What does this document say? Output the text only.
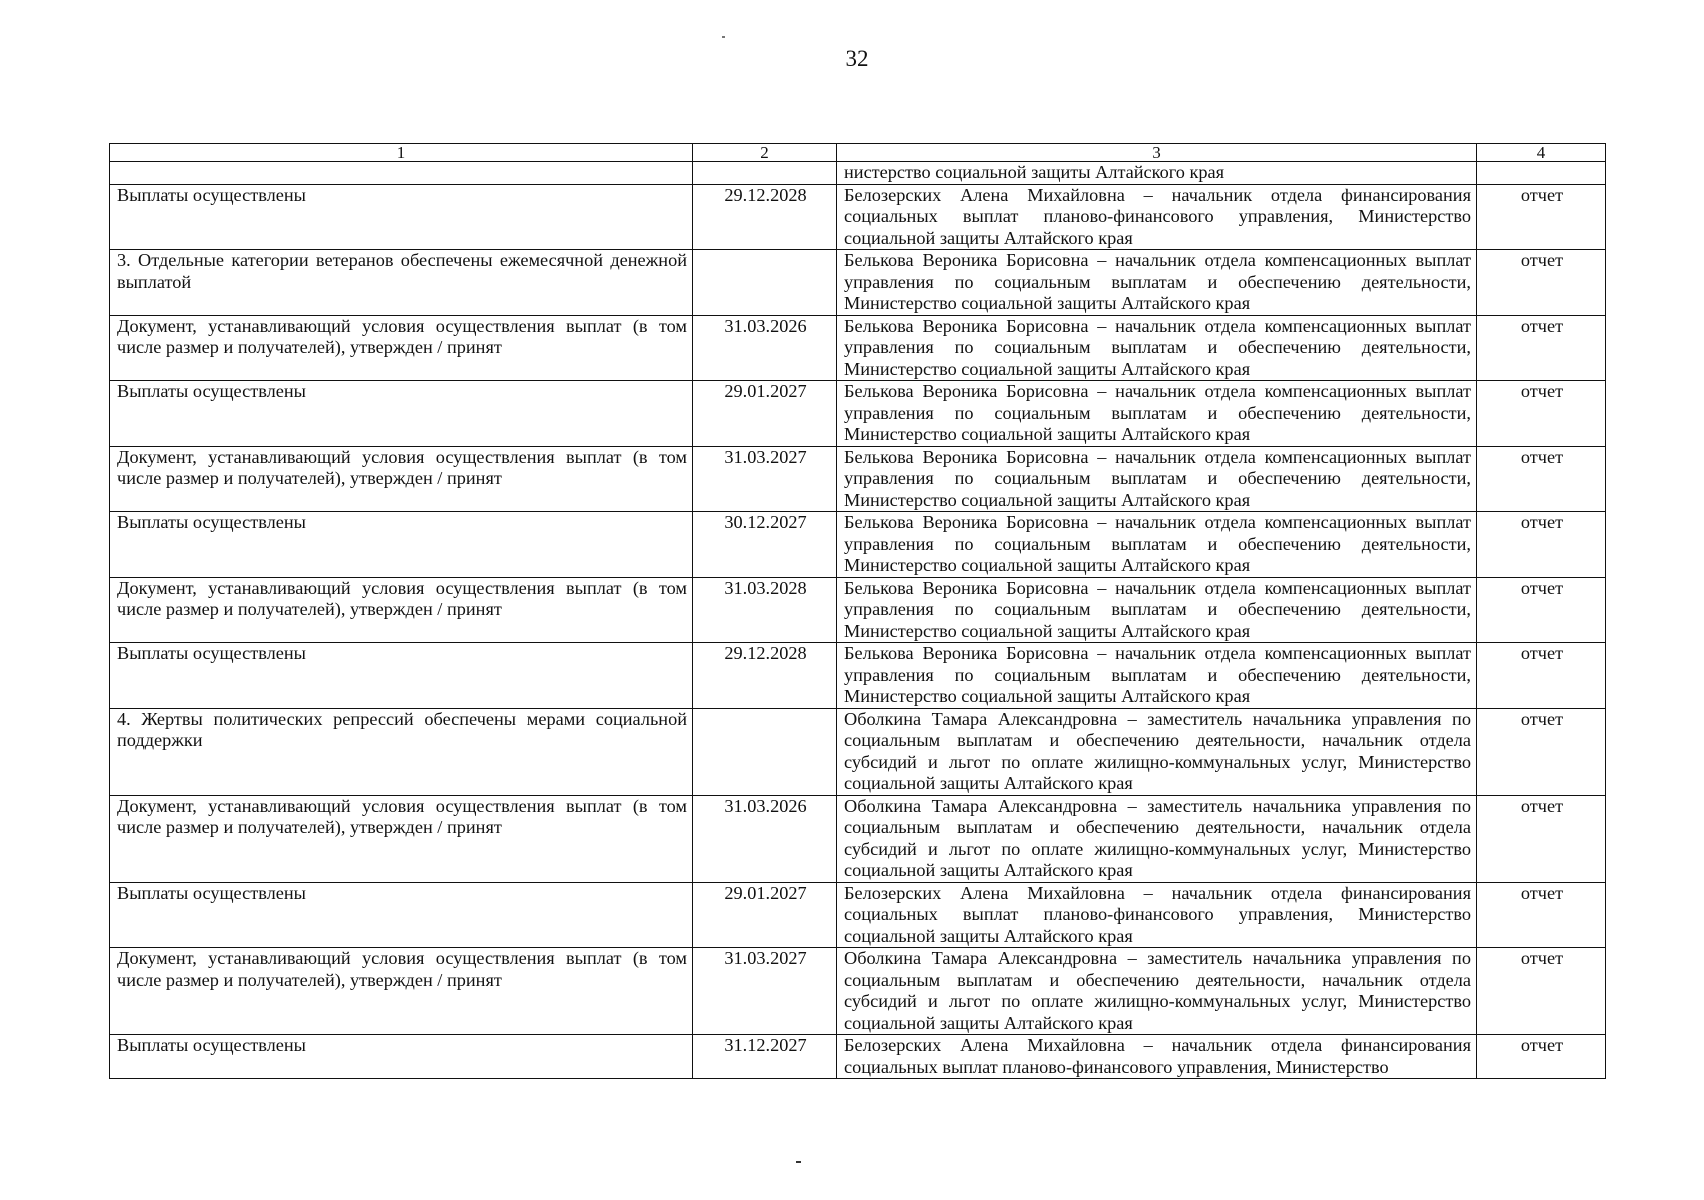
32
1	2	3	4
		нистерство социальной защиты Алтайского края	
Выплаты осуществлены	29.12.2028	Белозерских Алена Михайловна – начальник отдела финансирования социальных выплат планово-финансового управления, Министерство социальной защиты Алтайского края	отчет
3. Отдельные категории ветеранов обеспечены ежемесячной денежной выплатой		Белькова Вероника Борисовна – начальник отдела компенсационных выплат управления по социальным выплатам и обеспечению деятельности, Министерство социальной защиты Алтайского края	отчет
Документ, устанавливающий условия осуществления выплат (в том числе размер и получателей), утвержден / принят	31.03.2026	Белькова Вероника Борисовна – начальник отдела компенсационных выплат управления по социальным выплатам и обеспечению деятельности, Министерство социальной защиты Алтайского края	отчет
Выплаты осуществлены	29.01.2027	Белькова Вероника Борисовна – начальник отдела компенсационных выплат управления по социальным выплатам и обеспечению деятельности, Министерство социальной защиты Алтайского края	отчет
Документ, устанавливающий условия осуществления выплат (в том числе размер и получателей), утвержден / принят	31.03.2027	Белькова Вероника Борисовна – начальник отдела компенсационных выплат управления по социальным выплатам и обеспечению деятельности, Министерство социальной защиты Алтайского края	отчет
Выплаты осуществлены	30.12.2027	Белькова Вероника Борисовна – начальник отдела компенсационных выплат управления по социальным выплатам и обеспечению деятельности, Министерство социальной защиты Алтайского края	отчет
Документ, устанавливающий условия осуществления выплат (в том числе размер и получателей), утвержден / принят	31.03.2028	Белькова Вероника Борисовна – начальник отдела компенсационных выплат управления по социальным выплатам и обеспечению деятельности, Министерство социальной защиты Алтайского края	отчет
Выплаты осуществлены	29.12.2028	Белькова Вероника Борисовна – начальник отдела компенсационных выплат управления по социальным выплатам и обеспечению деятельности, Министерство социальной защиты Алтайского края	отчет
4. Жертвы политических репрессий обеспечены мерами социальной поддержки		Оболкина Тамара Александровна – заместитель начальника управления по социальным выплатам и обеспечению деятельности, начальник отдела субсидий и льгот по оплате жилищно-коммунальных услуг, Министерство социальной защиты Алтайского края	отчет
Документ, устанавливающий условия осуществления выплат (в том числе размер и получателей), утвержден / принят	31.03.2026	Оболкина Тамара Александровна – заместитель начальника управления по социальным выплатам и обеспечению деятельности, начальник отдела субсидий и льгот по оплате жилищно-коммунальных услуг, Министерство социальной защиты Алтайского края	отчет
Выплаты осуществлены	29.01.2027	Белозерских Алена Михайловна – начальник отдела финансирования социальных выплат планово-финансового управления, Министерство социальной защиты Алтайского края	отчет
Документ, устанавливающий условия осуществления выплат (в том числе размер и получателей), утвержден / принят	31.03.2027	Оболкина Тамара Александровна – заместитель начальника управления по социальным выплатам и обеспечению деятельности, начальник отдела субсидий и льгот по оплате жилищно-коммунальных услуг, Министерство социальной защиты Алтайского края	отчет
Выплаты осуществлены	31.12.2027	Белозерских Алена Михайловна – начальник отдела финансирования социальных выплат планово-финансового управления, Министерство	отчет
